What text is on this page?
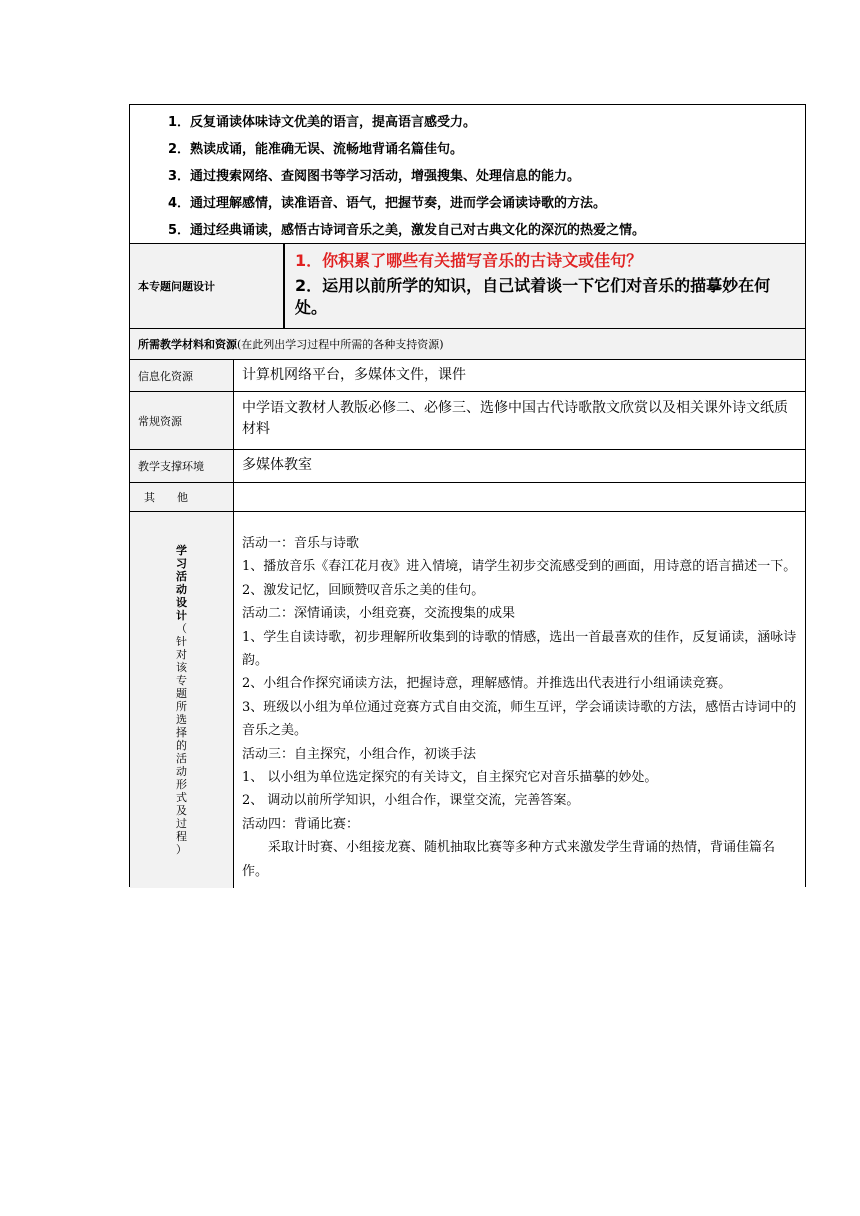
1．反复诵读体味诗文优美的语言，提高语言感受力。
2．熟读成诵，能准确无误、流畅地背诵名篇佳句。
3．通过搜索网络、查阅图书等学习活动，增强搜集、处理信息的能力。
4．通过理解感情，读准语音、语气，把握节奏，进而学会诵读诗歌的方法。
5．通过经典诵读，感悟古诗词音乐之美，激发自己对古典文化的深沉的热爱之情。
本专题问题设计
1．你积累了哪些有关描写音乐的古诗文或佳句？
2．运用以前所学的知识，自己试着谈一下它们对音乐的描摹妙在何处。
所需教学材料和资源 (在此列出学习过程中所需的各种支持资源)
信息化资源	计算机网络平台，多媒体文件，课件
常规资源
中学语文教材人教版必修二、必修三、选修中国古代诗歌散文欣赏以及相关课外诗文纸质材料
教学支撑环境	多媒体教室
其　　他
学
习
活
动
设
计
（
针
对
该
专
题
所
选
择
的
活
动
形
式
及
过
程
）
活动一：音乐与诗歌
1、播放音乐《春江花月夜》进入情境，请学生初步交流感受到的画面，用诗意的语言描述一下。
2、激发记忆，回顾赞叹音乐之美的佳句。
活动二：深情诵读，小组竞赛，交流搜集的成果
1、学生自读诗歌，初步理解所收集到的诗歌的情感，选出一首最喜欢的佳作，反复诵读，涵咏诗韵。
2、小组合作探究诵读方法，把握诗意，理解感情。并推选出代表进行小组诵读竞赛。
3、班级以小组为单位通过竞赛方式自由交流，师生互评，学会诵读诗歌的方法，感悟古诗词中的音乐之美。
活动三：自主探究，小组合作，初谈手法
1、 以小组为单位选定探究的有关诗文，自主探究它对音乐描摹的妙处。
2、 调动以前所学知识，小组合作，课堂交流，完善答案。
活动四：背诵比赛：
　　采取计时赛、小组接龙赛、随机抽取比赛等多种方式来激发学生背诵的热情，背诵佳篇名作。
